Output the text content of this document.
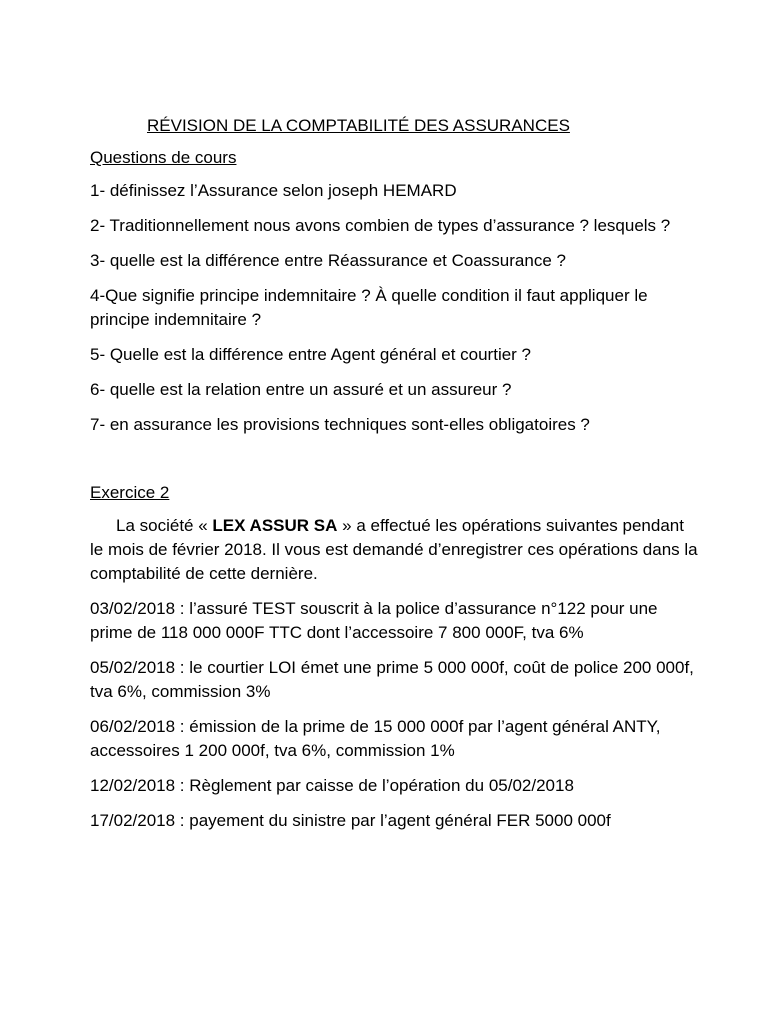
RÉVISION DE LA COMPTABILITÉ DES ASSURANCES
Questions de cours
1- définissez l’Assurance selon joseph HEMARD
2- Traditionnellement nous avons combien de types d’assurance ? lesquels ?
3- quelle est la différence entre Réassurance et Coassurance ?
4-Que signifie principe indemnitaire ? À quelle condition il faut appliquer le principe indemnitaire ?
5- Quelle est la différence entre Agent général et courtier ?
6- quelle est la relation entre un assuré et un assureur ?
7- en assurance les provisions techniques sont-elles obligatoires ?
Exercice 2
La société « LEX ASSUR SA » a effectué les opérations suivantes pendant le mois de février 2018. Il vous est demandé d’enregistrer ces opérations dans la comptabilité de cette dernière.
03/02/2018 : l’assuré TEST souscrit à la police d’assurance n°122 pour une prime de 118 000 000F TTC dont l’accessoire 7 800 000F, tva 6%
05/02/2018 : le courtier LOI émet une prime 5 000 000f, coût de police 200 000f, tva 6%, commission 3%
06/02/2018 : émission de la prime de 15 000 000f par l’agent général ANTY, accessoires 1 200 000f, tva 6%, commission 1%
12/02/2018 : Règlement par caisse de l’opération du 05/02/2018
17/02/2018 : payement du sinistre par l’agent général FER 5000 000f
